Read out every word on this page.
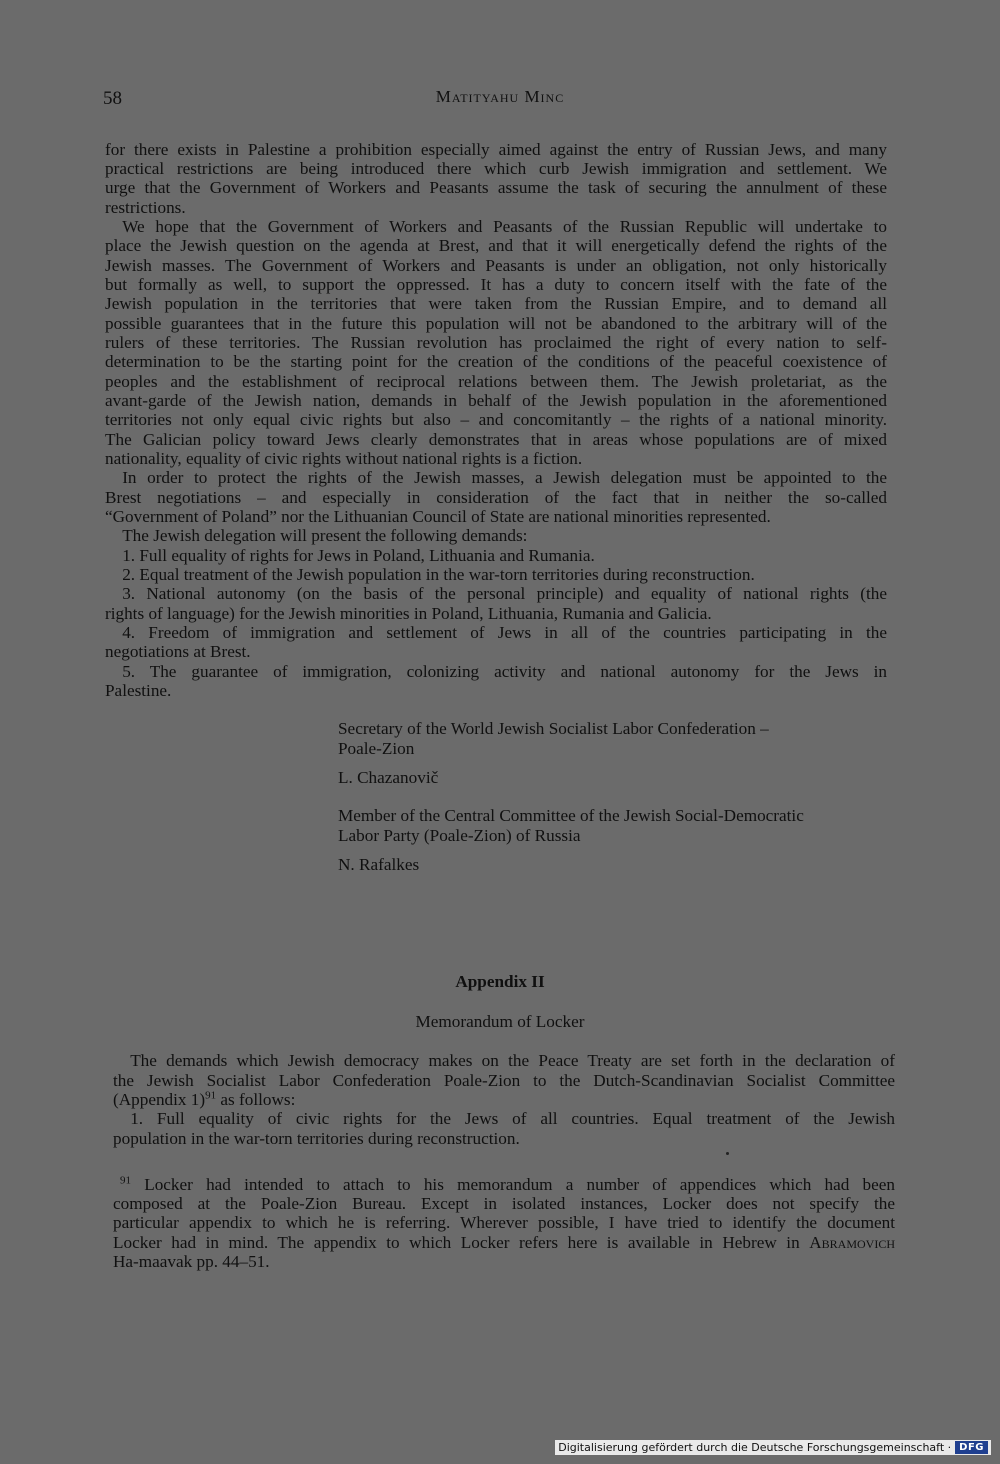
58	Matityahu Minc
for there exists in Palestine a prohibition especially aimed against the entry of Russian Jews, and many
practical restrictions are being introduced there which curb Jewish immigration and settlement. We
urge that the Government of Workers and Peasants assume the task of securing the annulment of these
restrictions.
 We hope that the Government of Workers and Peasants of the Russian Republic will undertake to
place the Jewish question on the agenda at Brest, and that it will energetically defend the rights of the
Jewish masses. The Government of Workers and Peasants is under an obligation, not only historically
but formally as well, to support the oppressed. It has a duty to concern itself with the fate of the
Jewish population in the territories that were taken from the Russian Empire, and to demand all
possible guarantees that in the future this population will not be abandoned to the arbitrary will of the
rulers of these territories. The Russian revolution has proclaimed the right of every nation to self-
determination to be the starting point for the creation of the conditions of the peaceful coexistence of
peoples and the establishment of reciprocal relations between them. The Jewish proletariat, as the
avant-garde of the Jewish nation, demands in behalf of the Jewish population in the aforementioned
territories not only equal civic rights but also – and concomitantly – the rights of a national minority.
The Galician policy toward Jews clearly demonstrates that in areas whose populations are of mixed
nationality, equality of civic rights without national rights is a fiction.
 In order to protect the rights of the Jewish masses, a Jewish delegation must be appointed to the
Brest negotiations – and especially in consideration of the fact that in neither the so-called
“Government of Poland” nor the Lithuanian Council of State are national minorities represented.
 The Jewish delegation will present the following demands:
 1. Full equality of rights for Jews in Poland, Lithuania and Rumania.
 2. Equal treatment of the Jewish population in the war-torn territories during reconstruction.
 3. National autonomy (on the basis of the personal principle) and equality of national rights (the
rights of language) for the Jewish minorities in Poland, Lithuania, Rumania and Galicia.
 4. Freedom of immigration and settlement of Jews in all of the countries participating in the
negotiations at Brest.
 5. The guarantee of immigration, colonizing activity and national autonomy for the Jews in
Palestine.
Secretary of the World Jewish Socialist Labor Confederation –
Poale-Zion
L. Chazanovič
Member of the Central Committee of the Jewish Social-Democratic
Labor Party (Poale-Zion) of Russia
N. Rafalkes
Appendix II
Memorandum of Locker
 The demands which Jewish democracy makes on the Peace Treaty are set forth in the declaration of
the Jewish Socialist Labor Confederation Poale-Zion to the Dutch-Scandinavian Socialist Committee
(Appendix 1)$^{91}$ as follows:
 1. Full equality of civic rights for the Jews of all countries. Equal treatment of the Jewish
population in the war-torn territories during reconstruction.
$^{91}$ Locker had intended to attach to his memorandum a number of appendices which had been
composed at the Poale-Zion Bureau. Except in isolated instances, Locker does not specify the
particular appendix to which he is referring. Wherever possible, I have tried to identify the document
Locker had in mind. The appendix to which Locker refers here is available in Hebrew in Abramovich
Ha-maavak pp. 44–51.
Digitalisierung gefördert durch die Deutsche Forschungsgemeinschaft · DFG
